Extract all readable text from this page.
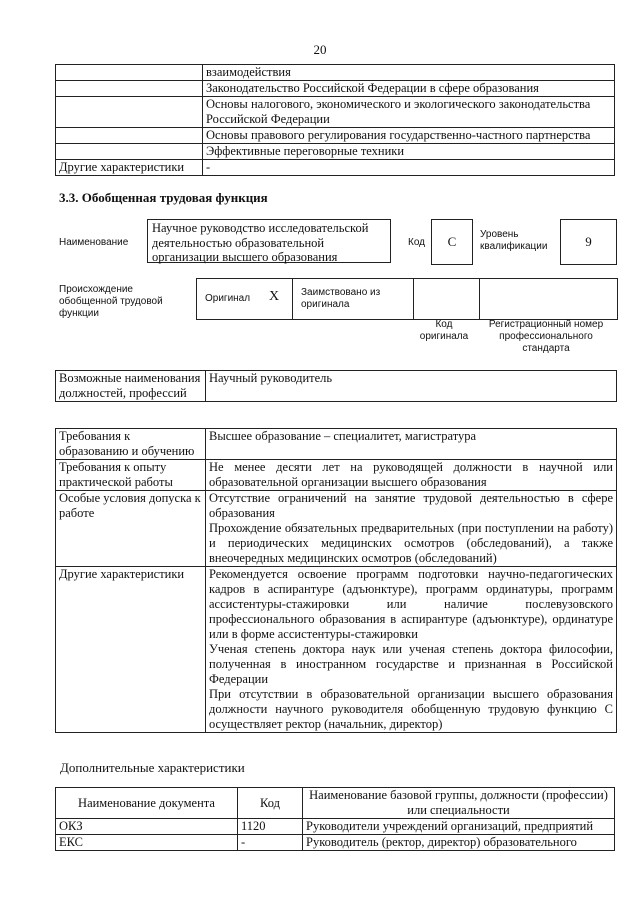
20
	взаимодействия
	Законодательство Российской Федерации в сфере образования
	Основы налогового, экономического и экологического законодательства Российской Федерации
	Основы правового регулирования государственно-частного партнерства
	Эффективные переговорные техники
Другие характеристики	-
3.3. Обобщенная трудовая функция
Наименование
Научное руководство исследовательской деятельностью образовательной организации высшего образования
Код	C	Уровень квалификации	9
Происхождение обобщенной трудовой функции
Оригинал X Заимствовано из оригинала
Код оригинала
Регистрационный номер профессионального стандарта
Возможные наименования должностей, профессий	Научный руководитель
Требования к образованию и обучению	Высшее образование – специалитет, магистратура
Требования к опыту практической работы	Не менее десяти лет на руководящей должности в научной или образовательной организации высшего образования
Особые условия допуска к работе	Отсутствие ограничений на занятие трудовой деятельностью в сфере образования
Прохождение обязательных предварительных (при поступлении на работу) и периодических медицинских осмотров (обследований), а также внеочередных медицинских осмотров (обследований)

Другие характеристики	Рекомендуется освоение программ подготовки научно-педагогических кадров в аспирантуре (адъюнктуре), программ ординатуры, программ ассистентуры-стажировки или наличие послевузовского профессионального образования в аспирантуре (адъюнктуре), ординатуре или в форме ассистентуры-стажировки
Ученая степень доктора наук или ученая степень доктора философии, полученная в иностранном государстве и признанная в Российской Федерации
При отсутствии в образовательной организации высшего образования должности научного руководителя обобщенную трудовую функцию C осуществляет ректор (начальник, директор)
Дополнительные характеристики
Наименование документа	Код	Наименование базовой группы, должности (профессии) или специальности
ОКЗ	1120	Руководители учреждений организаций, предприятий
ЕКС	-	Руководитель (ректор, директор) образовательного
